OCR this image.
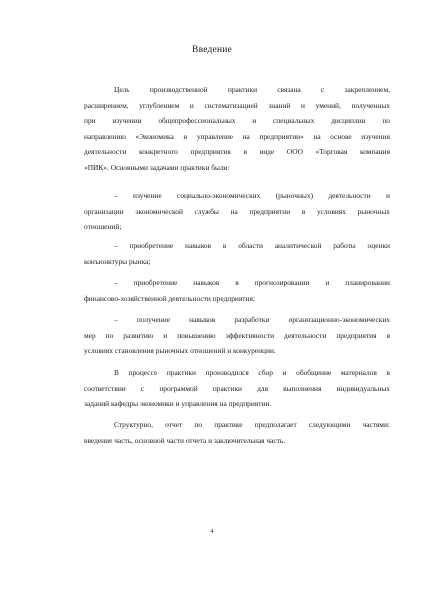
Введение
Цель производственной практики связана с закреплением,
расширением, углублением и систематизацией знаний и умений, полученных
при изучении общепрофессиональных и специальных дисциплин по
направлению «Экономика и управление на предприятии» на основе изучения
деятельности конкретного предприятия в виде ООО «Торговая компания
«ПИК». Основными задачами практики были:
– изучение социально-экономических (рыночных) деятельности и
организации экономической службы на предприятии в условиях рыночных
отношений;
– приобретение навыков в области аналитической работы оценки
конъюнктуры рынка;
– приобретение навыков в прогнозировании и планировании
финансово-хозяйственной деятельности предприятия;
– получение навыков разработки организационно-экономических
мер по развитию и повышению эффективности деятельности предприятия в
условиях становления рыночных отношений и конкуренции.
В процессе практики производился сбор и обобщение материалов в
соответствии с программой практики для выполнения индивидуальных
заданий кафедры экономики и управления на предприятии.
Структурно, отчет по практике предполагает следующими частями:
введение часть, основной части отчета и заключительная часть.
4
